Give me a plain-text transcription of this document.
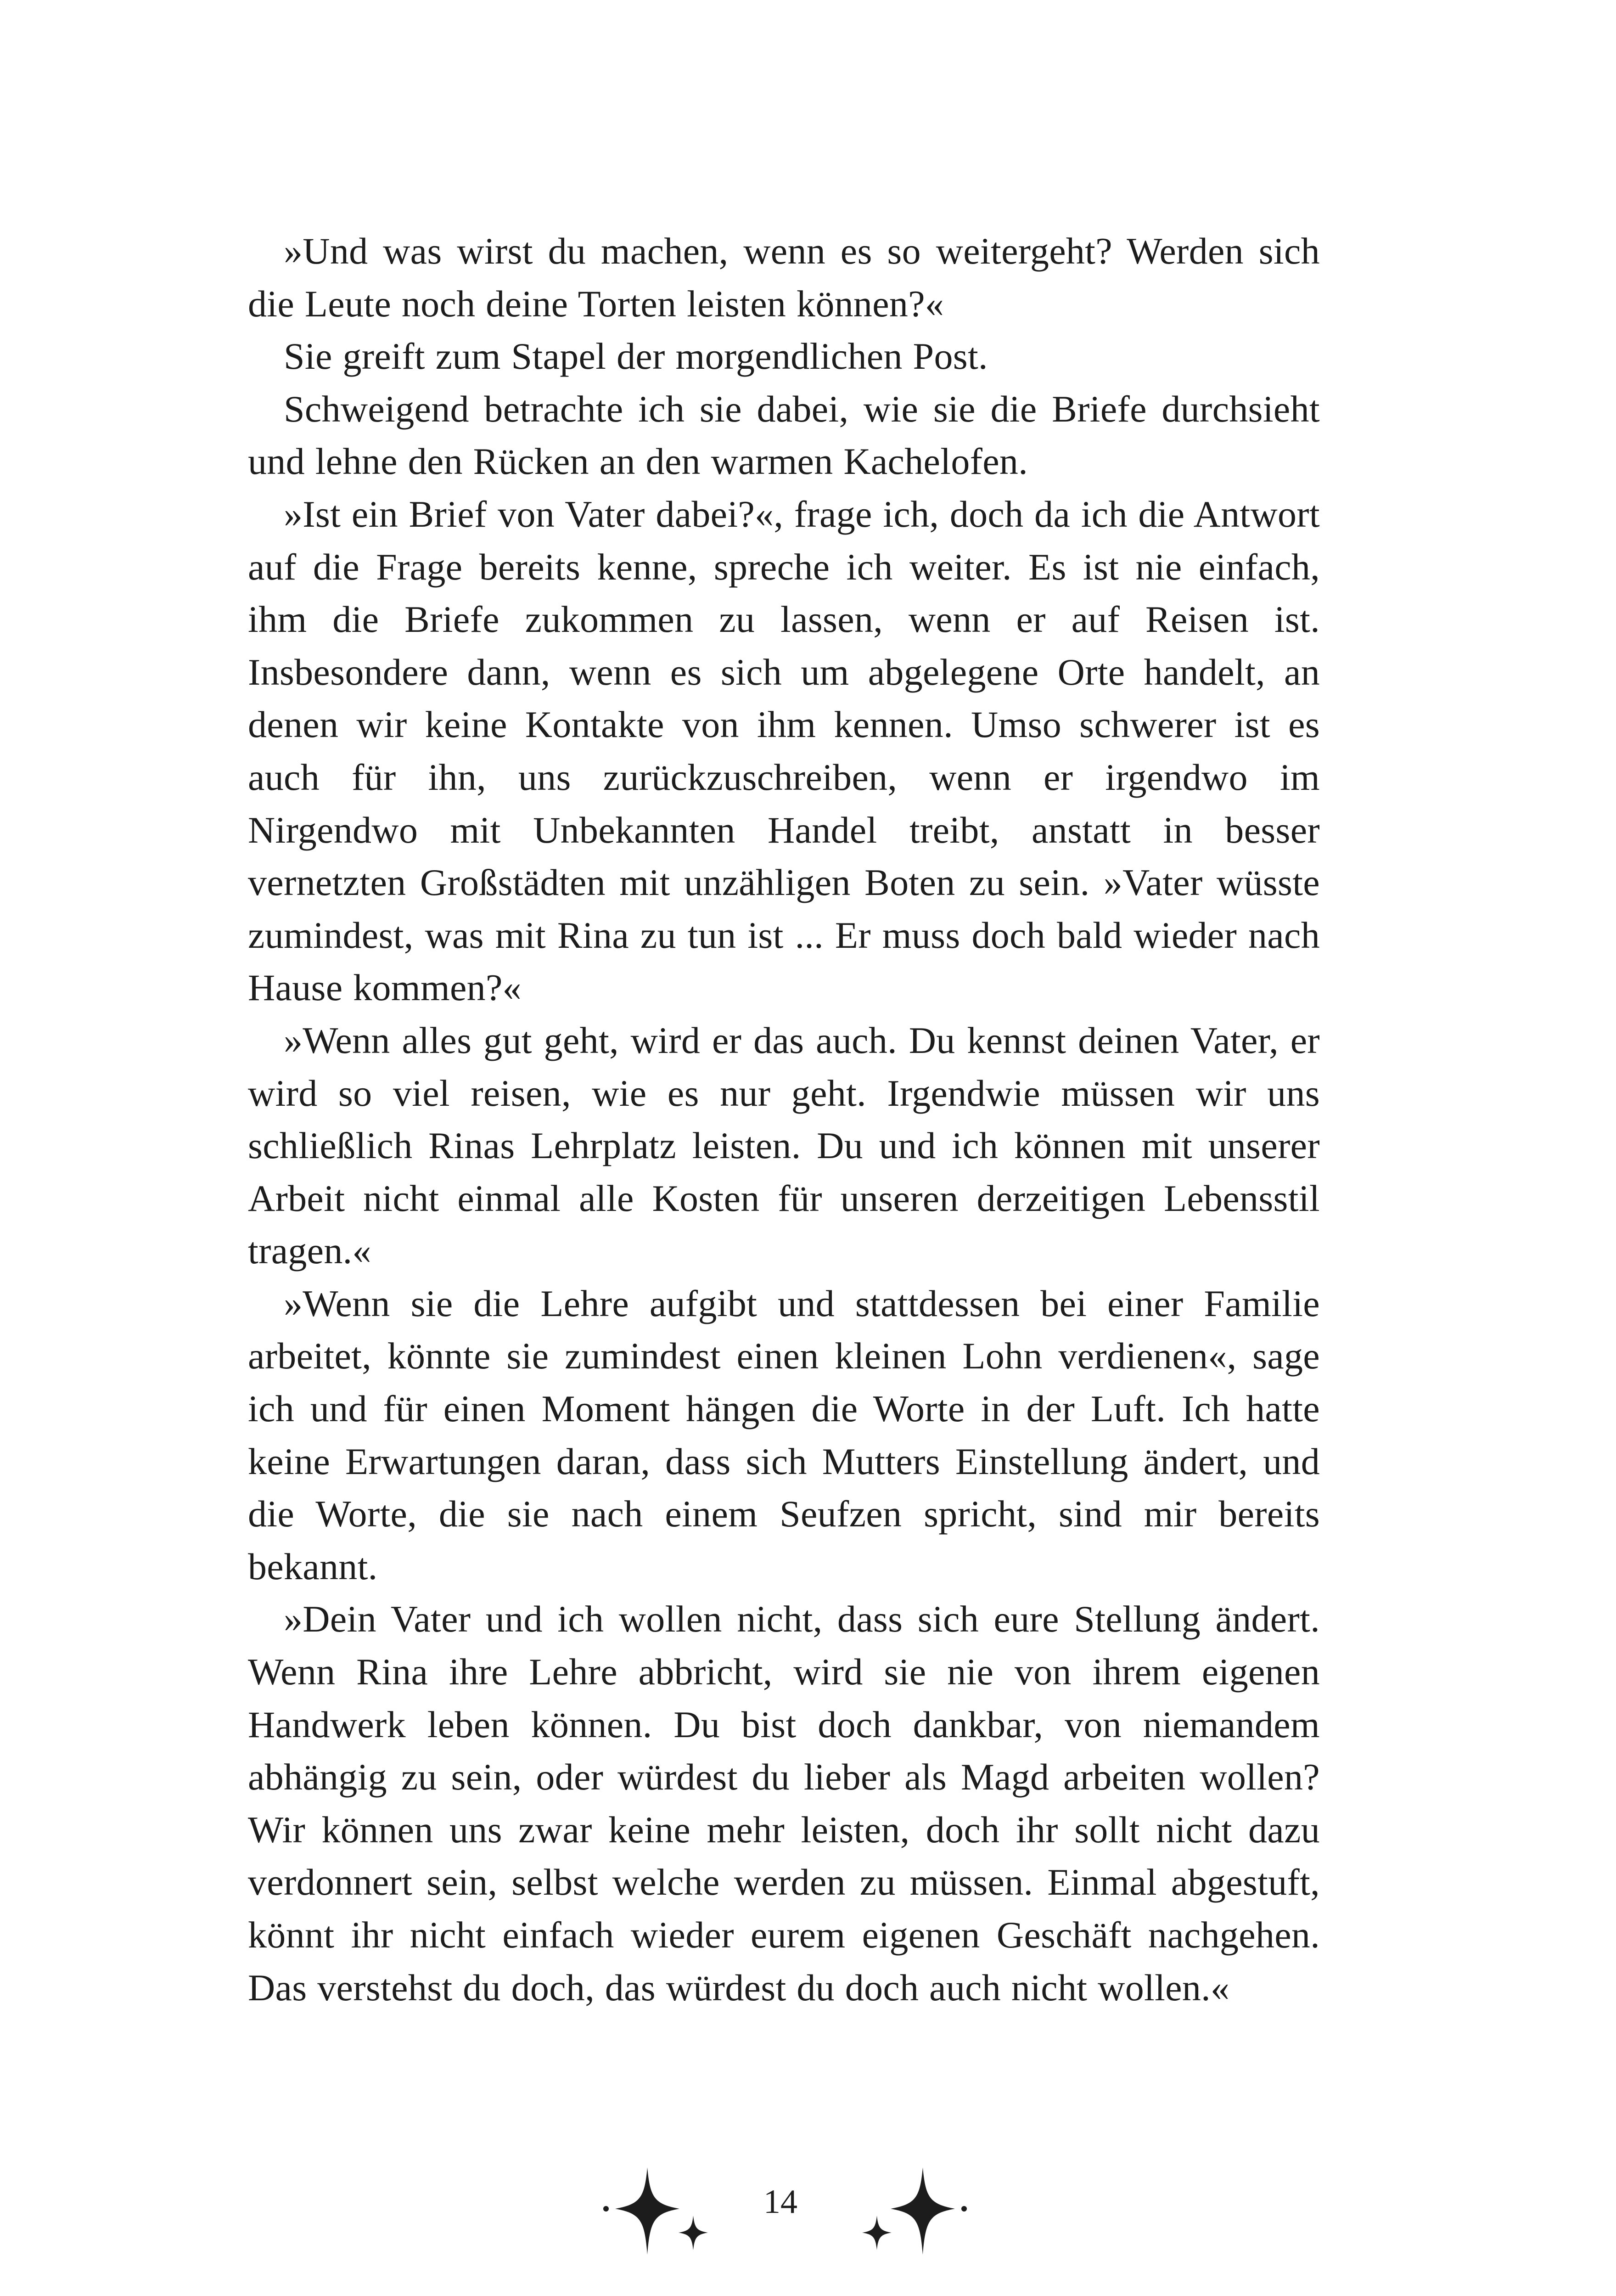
»Und was wirst du machen, wenn es so weitergeht? Werden sich die Leute noch deine Torten leisten können?«

Sie greift zum Stapel der morgendlichen Post.

Schweigend betrachte ich sie dabei, wie sie die Briefe durchsieht und lehne den Rücken an den warmen Kachelofen.

»Ist ein Brief von Vater dabei?«, frage ich, doch da ich die Antwort auf die Frage bereits kenne, spreche ich weiter. Es ist nie einfach, ihm die Briefe zukommen zu lassen, wenn er auf Reisen ist. Insbesondere dann, wenn es sich um abgelegene Orte handelt, an denen wir keine Kontakte von ihm kennen. Umso schwerer ist es auch für ihn, uns zurückzuschreiben, wenn er irgendwo im Nirgendwo mit Unbekannten Handel treibt, anstatt in besser vernetzten Großstädten mit unzähligen Boten zu sein. »Vater wüsste zumindest, was mit Rina zu tun ist ... Er muss doch bald wieder nach Hause kommen?«

»Wenn alles gut geht, wird er das auch. Du kennst deinen Vater, er wird so viel reisen, wie es nur geht. Irgendwie müssen wir uns schließlich Rinas Lehrplatz leisten. Du und ich können mit unserer Arbeit nicht einmal alle Kosten für unseren derzeitigen Lebensstil tragen.«

»Wenn sie die Lehre aufgibt und stattdessen bei einer Familie arbeitet, könnte sie zumindest einen kleinen Lohn verdienen«, sage ich und für einen Moment hängen die Worte in der Luft. Ich hatte keine Erwartungen daran, dass sich Mutters Einstellung ändert, und die Worte, die sie nach einem Seufzen spricht, sind mir bereits bekannt.

»Dein Vater und ich wollen nicht, dass sich eure Stellung ändert. Wenn Rina ihre Lehre abbricht, wird sie nie von ihrem eigenen Handwerk leben können. Du bist doch dankbar, von niemandem abhängig zu sein, oder würdest du lieber als Magd arbeiten wollen? Wir können uns zwar keine mehr leisten, doch ihr sollt nicht dazu verdonnert sein, selbst welche werden zu müssen. Einmal abgestuft, könnt ihr nicht einfach wieder eurem eigenen Geschäft nachgehen. Das verstehst du doch, das würdest du doch auch nicht wollen.«

14
